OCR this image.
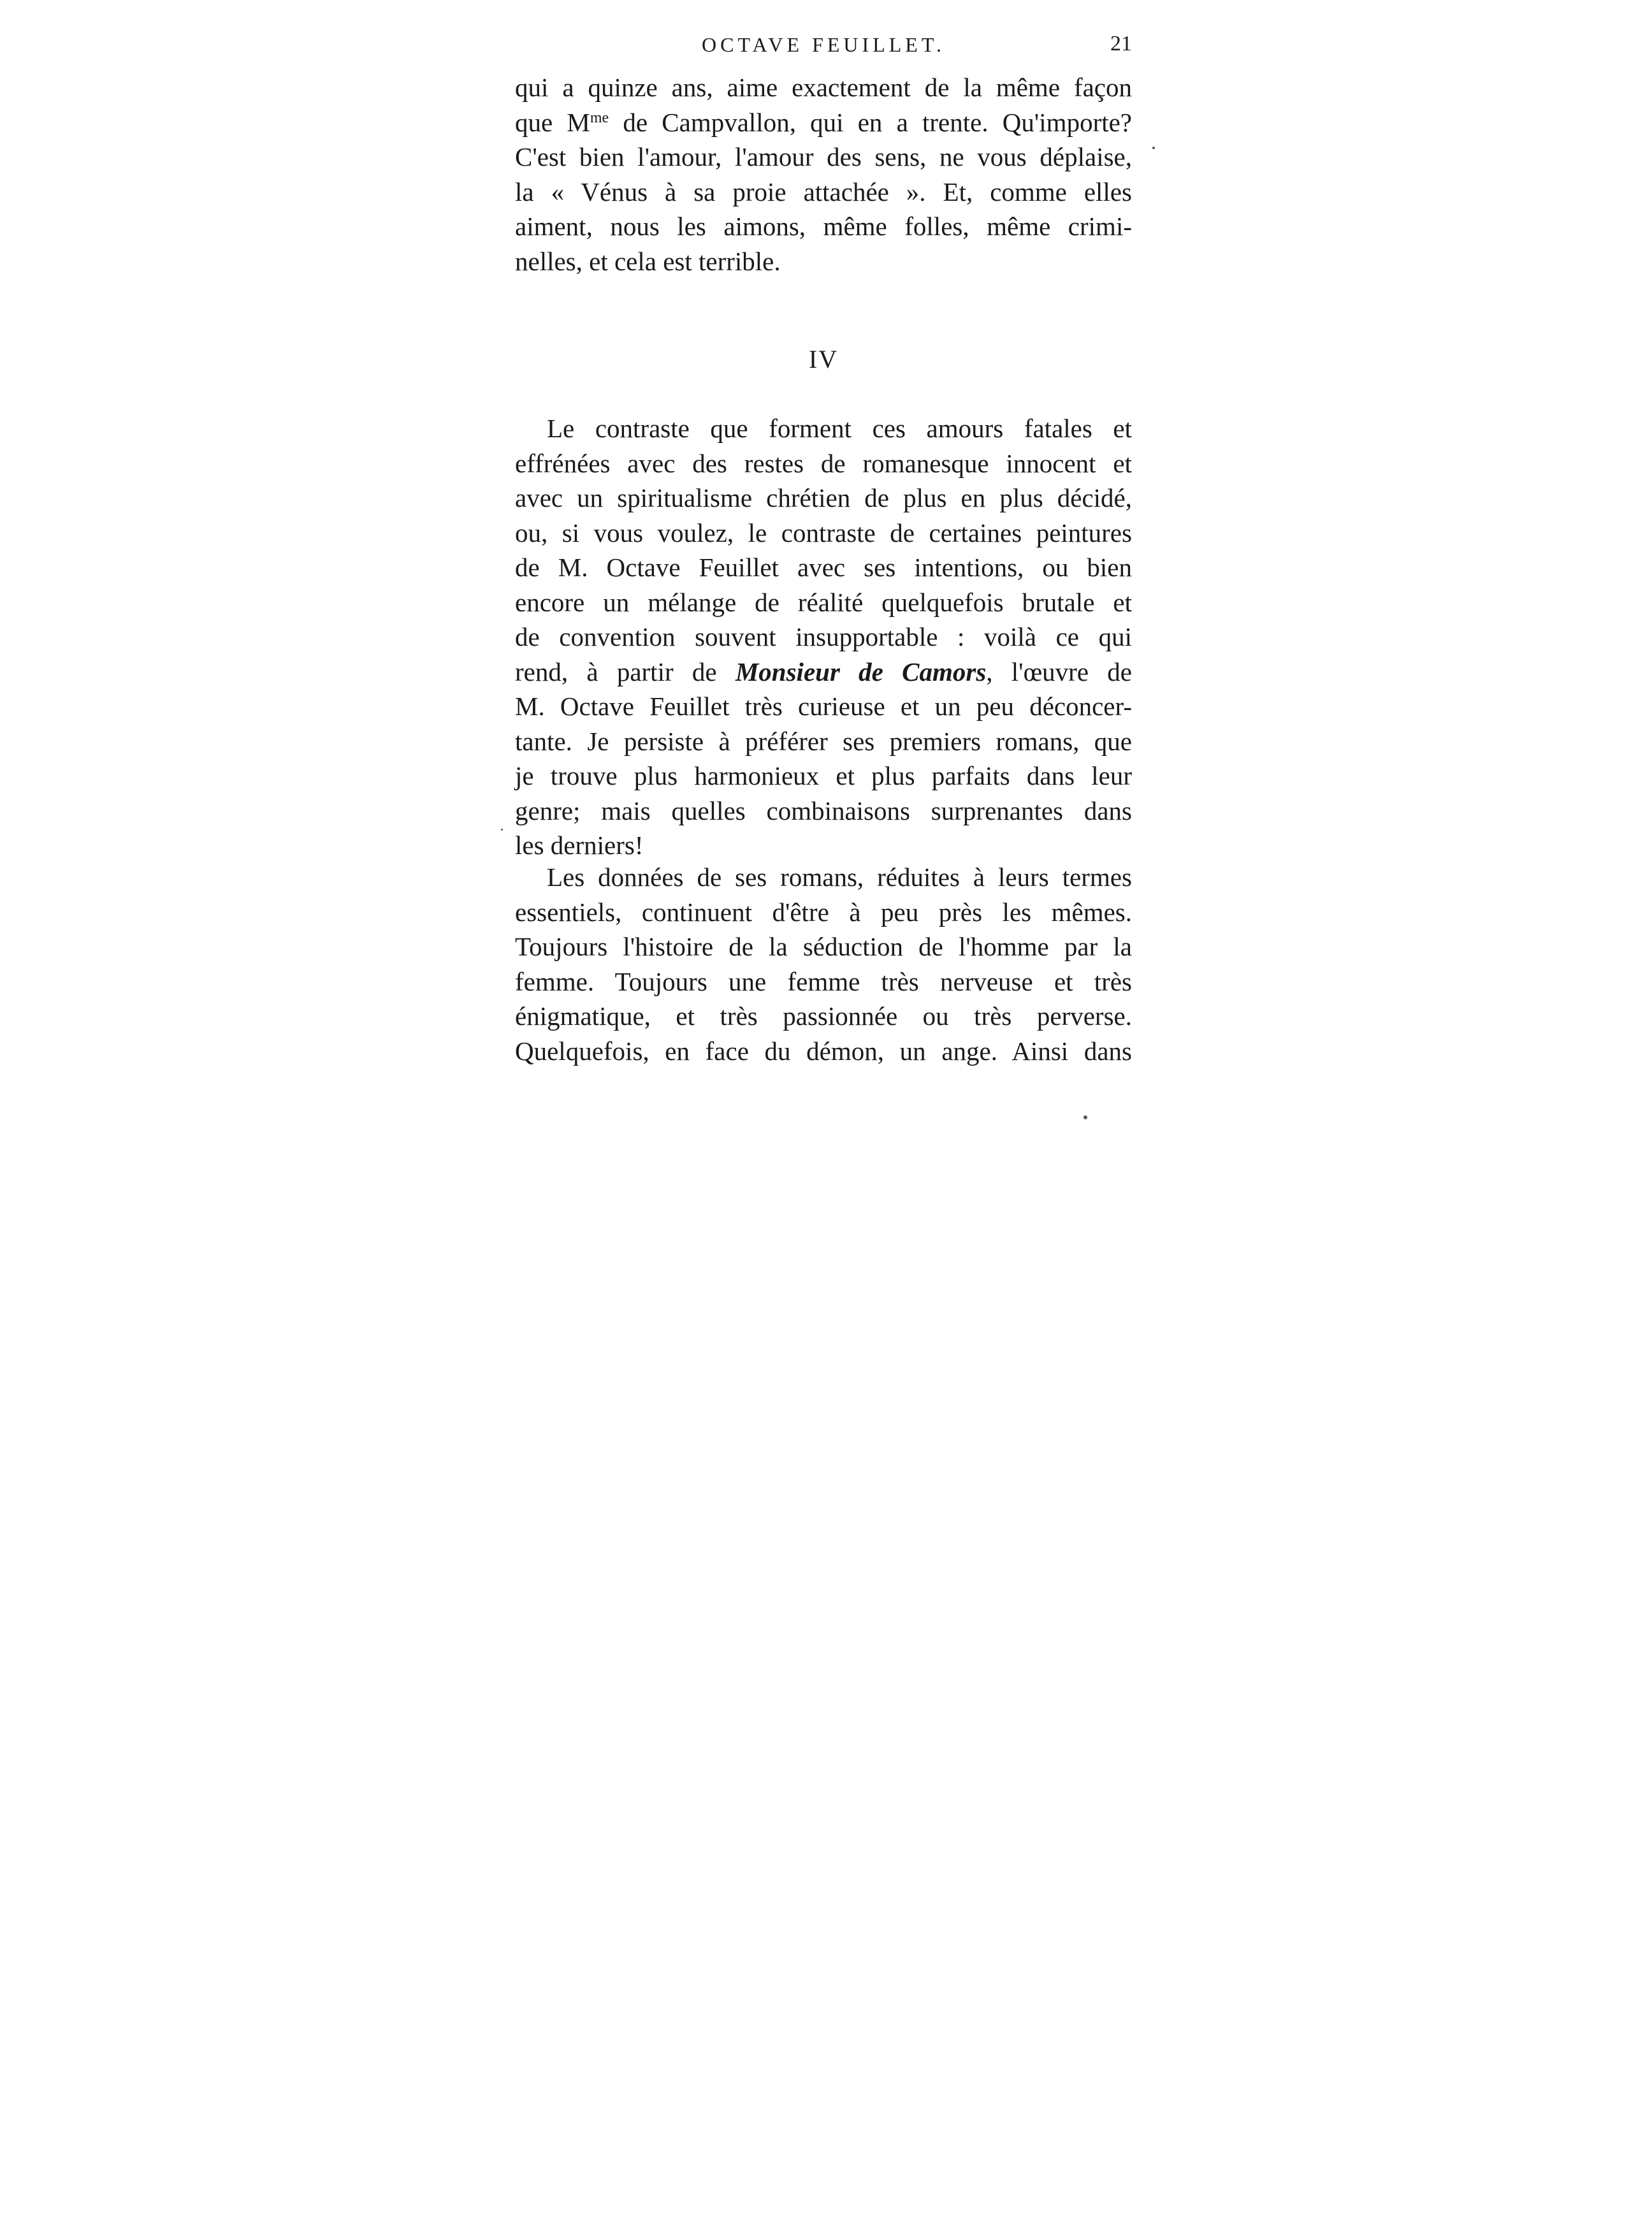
OCTAVE FEUILLET.	21
qui a quinze ans, aime exactement de la même façon
que $M^{me}$ de Campvallon, qui en a trente. Qu'importe?
C'est bien l'amour, l'amour des sens, ne vous déplaise,
la « Vénus à sa proie attachée ». Et, comme elles
aiment, nous les aimons, même folles, même crimi-
nelles, et cela est terrible.
IV
Le contraste que forment ces amours fatales et
effrénées avec des restes de romanesque innocent et
avec un spiritualisme chrétien de plus en plus décidé,
ou, si vous voulez, le contraste de certaines peintures
de M. Octave Feuillet avec ses intentions, ou bien
encore un mélange de réalité quelquefois brutale et
de convention souvent insupportable : voilà ce qui
rend, à partir de Monsieur de Camors, l'œuvre de
M. Octave Feuillet très curieuse et un peu déconcer-
tante. Je persiste à préférer ses premiers romans, que
je trouve plus harmonieux et plus parfaits dans leur
genre; mais quelles combinaisons surprenantes dans
les derniers!
Les données de ses romans, réduites à leurs termes
essentiels, continuent d'être à peu près les mêmes.
Toujours l'histoire de la séduction de l'homme par la
femme. Toujours une femme très nerveuse et très
énigmatique, et très passionnée ou très perverse.
Quelquefois, en face du démon, un ange. Ainsi dans
